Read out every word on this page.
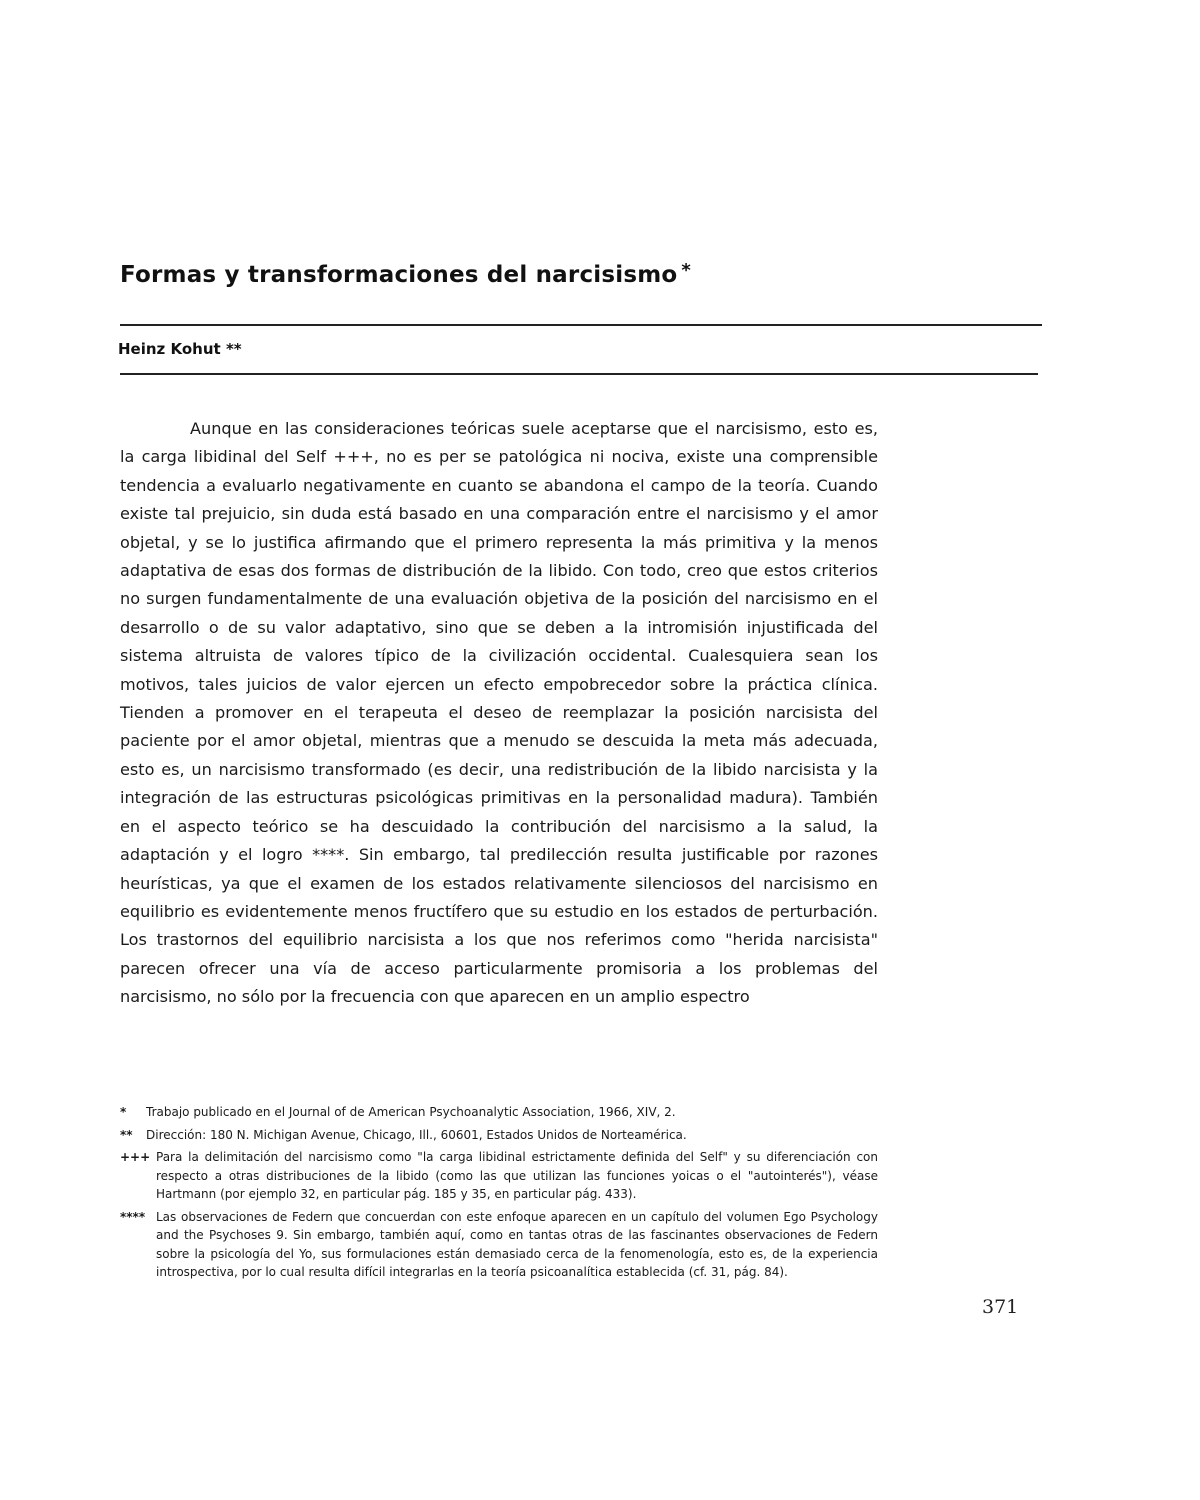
Formas y transformaciones del narcisismo *
Heinz Kohut **

Aunque en las consideraciones teóricas suele aceptarse que el narcisismo, esto es, la carga libidinal del Self +++, no es per se patológica ni nociva, existe una comprensible tendencia a evaluarlo negativamente en cuanto se abandona el campo de la teoría. Cuando existe tal prejuicio, sin duda está basado en una comparación entre el narcisismo y el amor objetal, y se lo justifica afirmando que el primero representa la más primitiva y la menos adaptativa de esas dos formas de distribución de la libido. Con todo, creo que estos criterios no surgen fundamentalmente de una evaluación objetiva de la posición del narcisismo en el desarrollo o de su valor adaptativo, sino que se deben a la intromisión injustificada del sistema altruista de valores típico de la civilización occidental. Cualesquiera sean los motivos, tales juicios de valor ejercen un efecto empobrecedor sobre la práctica clínica. Tienden a promover en el terapeuta el deseo de reemplazar la posición narcisista del paciente por el amor objetal, mientras que a menudo se descuida la meta más adecuada, esto es, un narcisismo transformado (es decir, una redistribución de la libido narcisista y la integración de las estructuras psicológicas primitivas en la personalidad madura). También en el aspecto teórico se ha descuidado la contribución del narcisismo a la salud, la adaptación y el logro ****. Sin embargo, tal predilección resulta justificable por razones heurísticas, ya que el examen de los estados relativamente silenciosos del narcisismo en equilibrio es evidentemente menos fructífero que su estudio en los estados de perturbación. Los trastornos del equilibrio narcisista a los que nos referimos como "herida narcisista" parecen ofrecer una vía de acceso particularmente promisoria a los problemas del narcisismo, no sólo por la frecuencia con que aparecen en un amplio espectro

* Trabajo publicado en el Journal of de American Psychoanalytic Association, 1966, XIV, 2.

** Dirección: 180 N. Michigan Avenue, Chicago, Ill., 60601, Estados Unidos de Norteamérica.

+++ Para la delimitación del narcisismo como "la carga libidinal estrictamente definida del Self" y su diferenciación con respecto a otras distribuciones de la libido (como las que utilizan las funciones yoicas o el "autointerés"), véase Hartmann (por ejemplo 32, en particular pág. 185 y 35, en particular pág. 433).

**** Las observaciones de Federn que concuerdan con este enfoque aparecen en un capítulo del volumen Ego Psychology and the Psychoses 9. Sin embargo, también aquí, como en tantas otras de las fascinantes observaciones de Federn sobre la psicología del Yo, sus formulaciones están demasiado cerca de la fenomenología, esto es, de la experiencia introspectiva, por lo cual resulta difícil integrarlas en la teoría psicoanalítica establecida (cf. 31, pág. 84).

371
